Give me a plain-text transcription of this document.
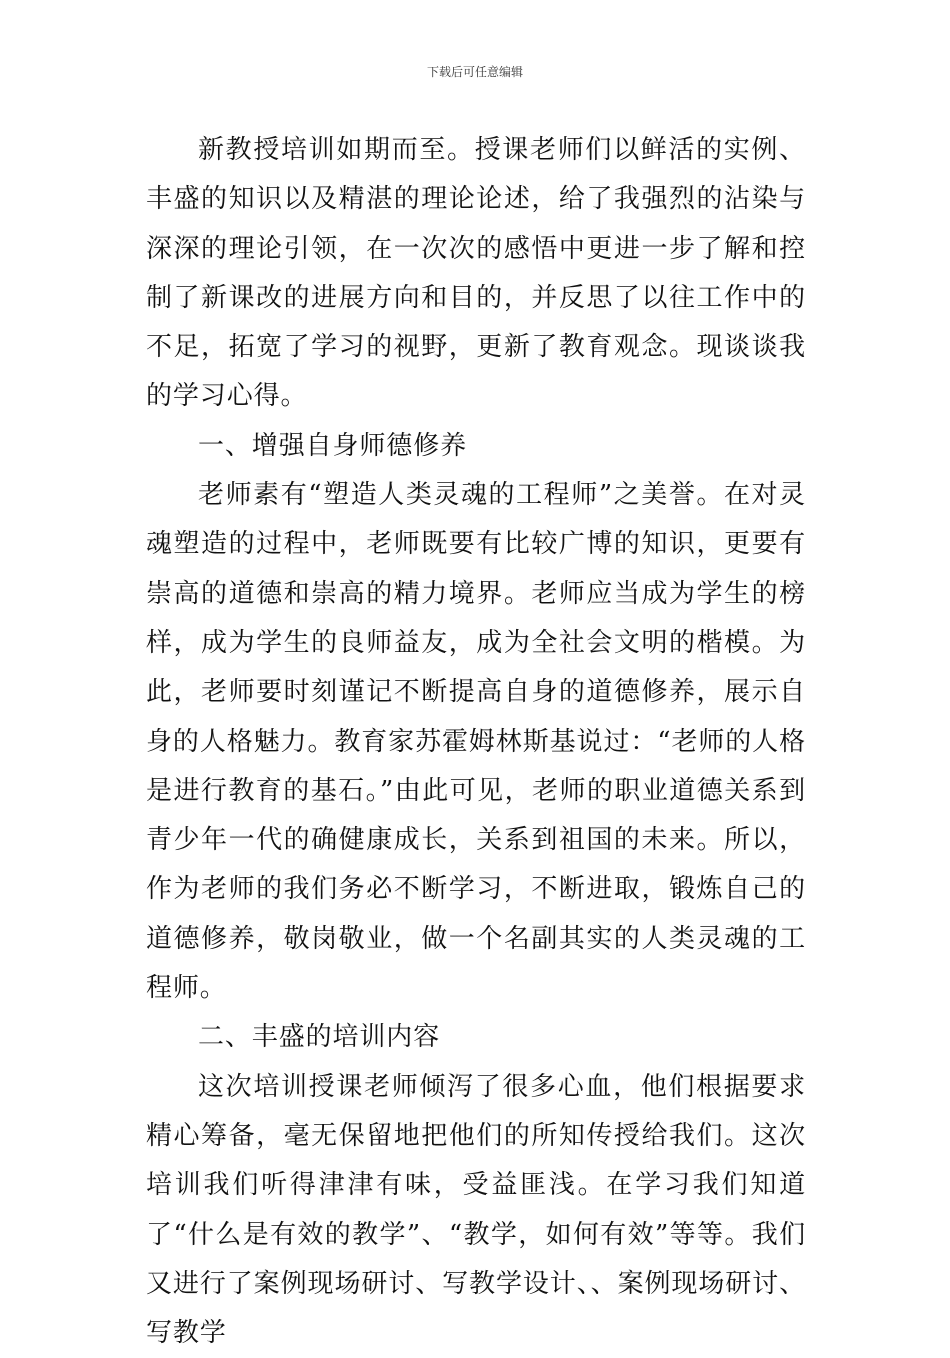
下载后可任意编辑

新教授培训如期而至。授课老师们以鲜活的实例、丰盛的知识以及精湛的理论论述，给了我强烈的沾染与深深的理论引领，在一次次的感悟中更进一步了解和控制了新课改的进展方向和目的，并反思了以往工作中的不足，拓宽了学习的视野，更新了教育观念。现谈谈我的学习心得。

一、增强自身师德修养

老师素有“塑造人类灵魂的工程师”之美誉。在对灵魂塑造的过程中，老师既要有比较广博的知识，更要有崇高的道德和崇高的精力境界。老师应当成为学生的榜样，成为学生的良师益友，成为全社会文明的楷模。为此，老师要时刻谨记不断提高自身的道德修养，展示自身的人格魅力。教育家苏霍姆林斯基说过：“老师的人格是进行教育的基石。”由此可见，老师的职业道德关系到青少年一代的确健康成长，关系到祖国的未来。所以，作为老师的我们务必不断学习，不断进取，锻炼自己的道德修养，敬岗敬业，做一个名副其实的人类灵魂的工程师。

二、丰盛的培训内容

这次培训授课老师倾泻了很多心血，他们根据要求精心筹备，毫无保留地把他们的所知传授给我们。这次培训我们听得津津有味，受益匪浅。在学习我们知道了“什么是有效的教学”、“教学，如何有效”等等。我们又进行了案例现场研讨、写教学设计、、案例现场研讨、写教学
